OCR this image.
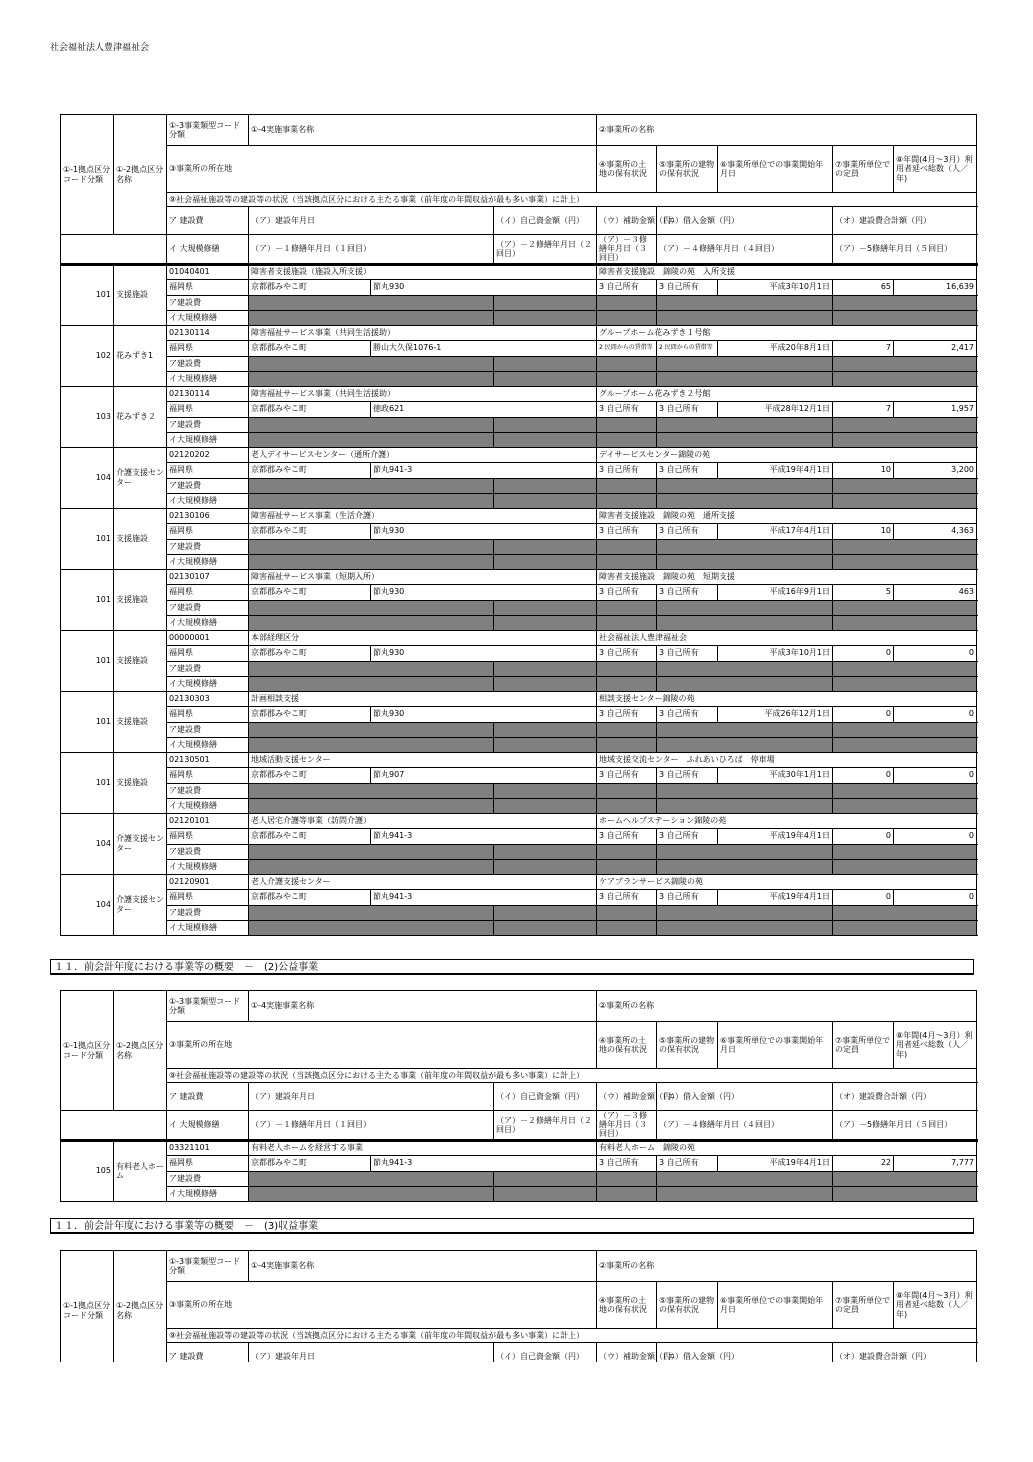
社会福祉法人豊津福祉会
①-1拠点区分コード分類	①-2拠点区分名称	①-3事業類型コード分類	①-4実施事業名称			②事業所の名称					
		③事業所の所在地				④事業所の土地の保有状況	⑤事業所の建物の保有状況	⑥事業所単位での事業開始年月日	⑦事業所単位での定員	⑧年間(4月～3月）利用者延べ総数（人／年)	
		⑨社会福祉施設等の建設等の状況（当該拠点区分における主たる事業（前年度の年間収益が最も多い事業）に計上）									
		ア 建設費	（ア）建設年月日		（イ）自己資金額（円）	（ウ）補助金額（円）	（エ）借入金額（円）		（オ）建設費合計額（円）	
		イ 大規模修繕	（ア）－１修繕年月日（１回目）		（ア）－２修繕年月日（２回目）	（ア）－３修繕年月日（３回目）	（ア）－４修繕年月日（４回目）		（ア）－5修繕年月日（５回目）	
101	支援施設	01040401	障害者支援施設（施設入所支援）			障害者支援施設　錦陵の苑　入所支援					
		福岡県	京都郡みやこ町	節丸930		3 自己所有	3 自己所有	平成3年10月1日	65	16,639	
		ア建設費									
		イ大規模修繕									
102	花みずき1	02130114	障害福祉サービス事業（共同生活援助）			グループホーム花みずき１号館					
		福岡県	京都郡みやこ町	勝山大久保1076-1		2 民間からの賃借等	2 民間からの賃借等	平成20年8月1日	7	2,417	
		ア建設費									
		イ大規模修繕									
103	花みずき２	02130114	障害福祉サービス事業（共同生活援助）			グループホーム花みずき２号館					
		福岡県	京都郡みやこ町	徳政621		3 自己所有	3 自己所有	平成28年12月1日	7	1,957	
		ア建設費									
		イ大規模修繕									
104	介護支援センター	02120202	老人デイサービスセンター（通所介護）			デイサービスセンター錦陵の苑					
		福岡県	京都郡みやこ町	節丸941-3		3 自己所有	3 自己所有	平成19年4月1日	10	3,200	
		ア建設費									
		イ大規模修繕									
101	支援施設	02130106	障害福祉サービス事業（生活介護）			障害者支援施設　錦陵の苑　通所支援					
		福岡県	京都郡みやこ町	節丸930		3 自己所有	3 自己所有	平成17年4月1日	10	4,363	
		ア建設費									
		イ大規模修繕									
101	支援施設	02130107	障害福祉サービス事業（短期入所）			障害者支援施設　錦陵の苑　短期支援					
		福岡県	京都郡みやこ町	節丸930		3 自己所有	3 自己所有	平成16年9月1日	5	463	
		ア建設費									
		イ大規模修繕									
101	支援施設	00000001	本部経理区分			社会福祉法人豊津福祉会					
		福岡県	京都郡みやこ町	節丸930		3 自己所有	3 自己所有	平成3年10月1日	0	0	
		ア建設費									
		イ大規模修繕									
101	支援施設	02130303	計画相談支援			相談支援センター錦陵の苑					
		福岡県	京都郡みやこ町	節丸930		3 自己所有	3 自己所有	平成26年12月1日	0	0	
		ア建設費									
		イ大規模修繕									
101	支援施設	02130501	地域活動支援センター			地域支援交流センター　ふれあいひろば　停車場					
		福岡県	京都郡みやこ町	節丸907		3 自己所有	3 自己所有	平成30年1月1日	0	0	
		ア建設費									
		イ大規模修繕									
104	介護支援センター	02120101	老人居宅介護等事業（訪問介護）			ホームヘルプステーション錦陵の苑					
		福岡県	京都郡みやこ町	節丸941-3		3 自己所有	3 自己所有	平成19年4月1日	0	0	
		ア建設費									
		イ大規模修繕									
104	介護支援センター	02120901	老人介護支援センター			ケアプランサービス錦陵の苑					
		福岡県	京都郡みやこ町	節丸941-3		3 自己所有	3 自己所有	平成19年4月1日	0	0	
		ア建設費									
		イ大規模修繕									
１１．前会計年度における事業等の概要　－　(2)公益事業
①-1拠点区分コード分類	①-2拠点区分名称	①-3事業類型コード分類	①-4実施事業名称			②事業所の名称					
		③事業所の所在地				④事業所の土地の保有状況	⑤事業所の建物の保有状況	⑥事業所単位での事業開始年月日	⑦事業所単位での定員	⑧年間(4月～3月）利用者延べ総数（人／年)	
		⑨社会福祉施設等の建設等の状況（当該拠点区分における主たる事業（前年度の年間収益が最も多い事業）に計上）									
		ア 建設費	（ア）建設年月日		（イ）自己資金額（円）	（ウ）補助金額（円）	（エ）借入金額（円）		（オ）建設費合計額（円）	
		イ 大規模修繕	（ア）－１修繕年月日（１回目）		（ア）－２修繕年月日（２回目）	（ア）－３修繕年月日（３回目）	（ア）－４修繕年月日（４回目）		（ア）－5修繕年月日（５回目）	
105	有料老人ホーム	03321101	有料老人ホームを経営する事業			有料老人ホーム　錦陵の苑					
		福岡県	京都郡みやこ町	節丸941-3		3 自己所有	3 自己所有	平成19年4月1日	22	7,777	
		ア建設費									
		イ大規模修繕									
１１．前会計年度における事業等の概要　－　(3)収益事業
①-1拠点区分コード分類	①-2拠点区分名称	①-3事業類型コード分類	①-4実施事業名称		②事業所の名称					
		③事業所の所在地			④事業所の土地の保有状況	⑤事業所の建物の保有状況	⑥事業所単位での事業開始年月日	⑦事業所単位での定員	⑧年間(4月～3月）利用者延べ総数（人／年)	
		⑨社会福祉施設等の建設等の状況（当該拠点区分における主たる事業（前年度の年間収益が最も多い事業）に計上）								
		ア 建設費	（ア）建設年月日	（イ）自己資金額（円）	（ウ）補助金額（円）	（エ）借入金額（円）		（オ）建設費合計額（円）	
